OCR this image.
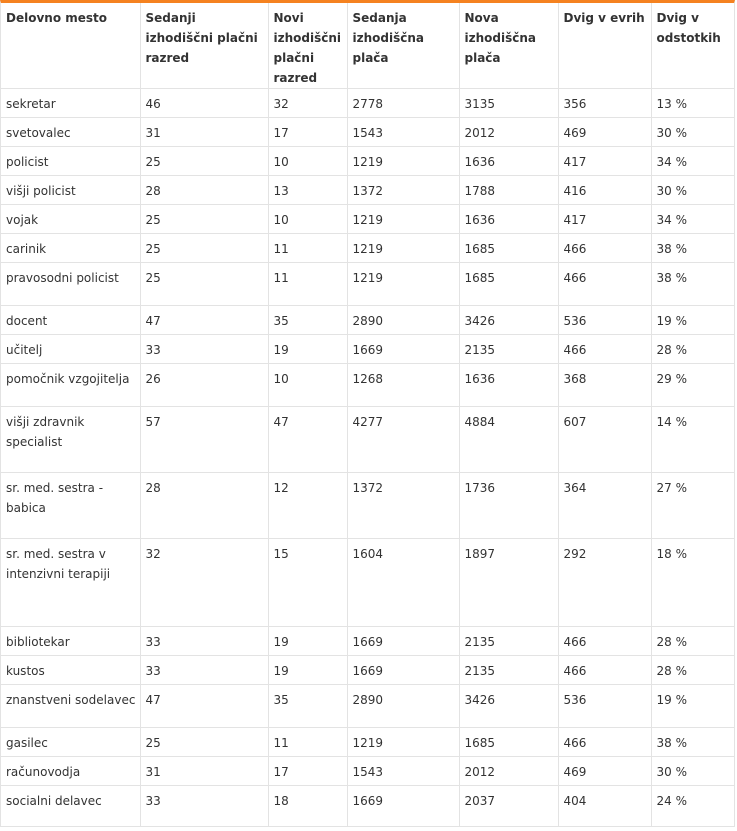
Delovno mesto	Sedanji izhodiščni plačni razred	Novi izhodiščni plačni razred	Sedanja izhodiščna plača	Nova izhodiščna plača	Dvig v evrih	Dvig v odstotkih
sekretar	46	32	2778	3135	356	13 %
svetovalec	31	17	1543	2012	469	30 %
policist	25	10	1219	1636	417	34 %
višji policist	28	13	1372	1788	416	30 %
vojak	25	10	1219	1636	417	34 %
carinik	25	11	1219	1685	466	38 %
pravosodni policist	25	11	1219	1685	466	38 %
docent	47	35	2890	3426	536	19 %
učitelj	33	19	1669	2135	466	28 %
pomočnik vzgojitelja	26	10	1268	1636	368	29 %
višji zdravnik specialist	57	47	4277	4884	607	14 %
sr. med. sestra - babica	28	12	1372	1736	364	27 %
sr. med. sestra v intenzivni terapiji	32	15	1604	1897	292	18 %
bibliotekar	33	19	1669	2135	466	28 %
kustos	33	19	1669	2135	466	28 %
znanstveni sodelavec	47	35	2890	3426	536	19 %
gasilec	25	11	1219	1685	466	38 %
računovodja	31	17	1543	2012	469	30 %
socialni delavec	33	18	1669	2037	404	24 %
